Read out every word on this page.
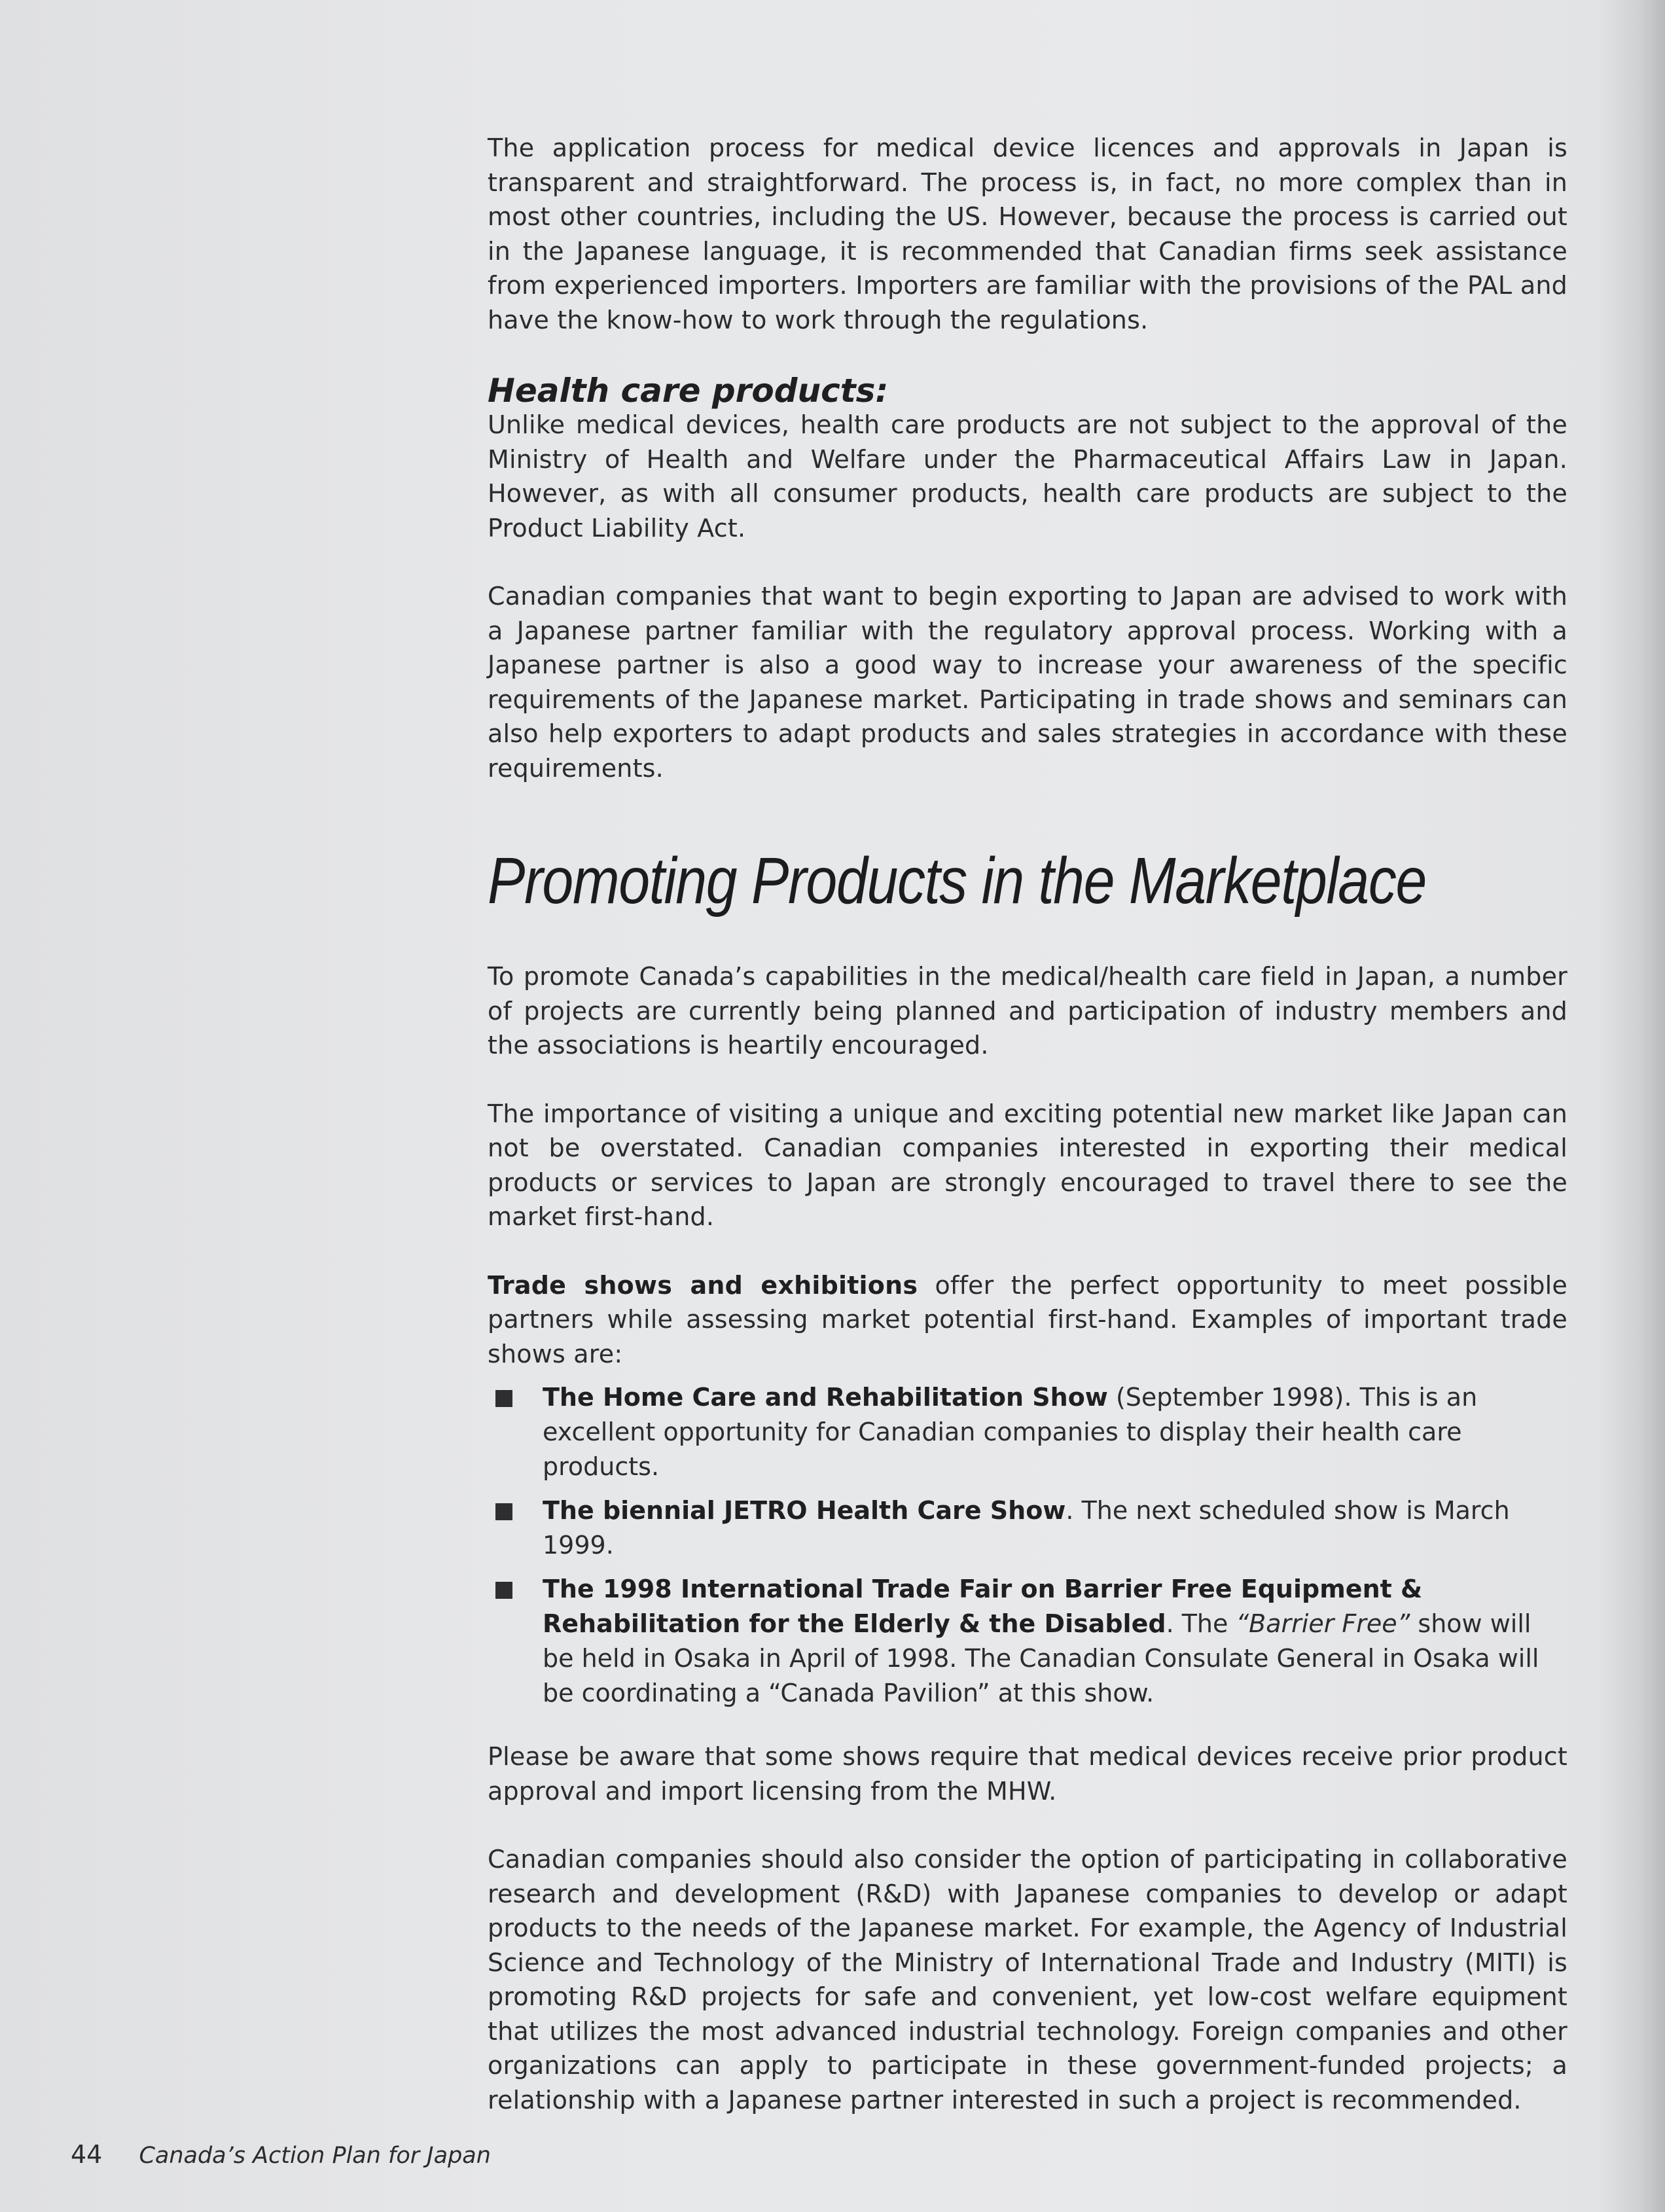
The application process for medical device licences and approvals in Japan is transparent and straightforward. The process is, in fact, no more complex than in most other countries, including the US. However, because the process is carried out in the Japanese language, it is recommended that Canadian firms seek assistance from experienced importers. Importers are familiar with the provisions of the PAL and have the know-how to work through the regulations.

Health care products:

Unlike medical devices, health care products are not subject to the approval of the Ministry of Health and Welfare under the Pharmaceutical Affairs Law in Japan. However, as with all consumer products, health care products are subject to the Product Liability Act.

Canadian companies that want to begin exporting to Japan are advised to work with a Japanese partner familiar with the regulatory approval process. Working with a Japanese partner is also a good way to increase your awareness of the specific requirements of the Japanese market. Participating in trade shows and seminars can also help exporters to adapt products and sales strategies in accordance with these requirements.

Promoting Products in the Marketplace

To promote Canada’s capabilities in the medical/health care field in Japan, a number of projects are currently being planned and participation of industry members and the associations is heartily encouraged.

The importance of visiting a unique and exciting potential new market like Japan can not be overstated. Canadian companies interested in exporting their medical products or services to Japan are strongly encouraged to travel there to see the market first-hand.

Trade shows and exhibitions offer the perfect opportunity to meet possible partners while assessing market potential first-hand. Examples of important trade shows are:

The Home Care and Rehabilitation Show (September 1998). This is an excellent opportunity for Canadian companies to display their health care products.
The biennial JETRO Health Care Show. The next scheduled show is March 1999.
The 1998 International Trade Fair on Barrier Free Equipment & Rehabilitation for the Elderly & the Disabled. The “Barrier Free” show will be held in Osaka in April of 1998. The Canadian Consulate General in Osaka will be coordinating a “Canada Pavilion” at this show.

Please be aware that some shows require that medical devices receive prior product approval and import licensing from the MHW.

Canadian companies should also consider the option of participating in collaborative research and development (R&D) with Japanese companies to develop or adapt products to the needs of the Japanese market. For example, the Agency of Industrial Science and Technology of the Ministry of International Trade and Industry (MITI) is promoting R&D projects for safe and convenient, yet low-cost welfare equipment that utilizes the most advanced industrial technology. Foreign companies and other organizations can apply to participate in these government-funded projects; a relationship with a Japanese partner interested in such a project is recommended.

44 Canada’s Action Plan for Japan
